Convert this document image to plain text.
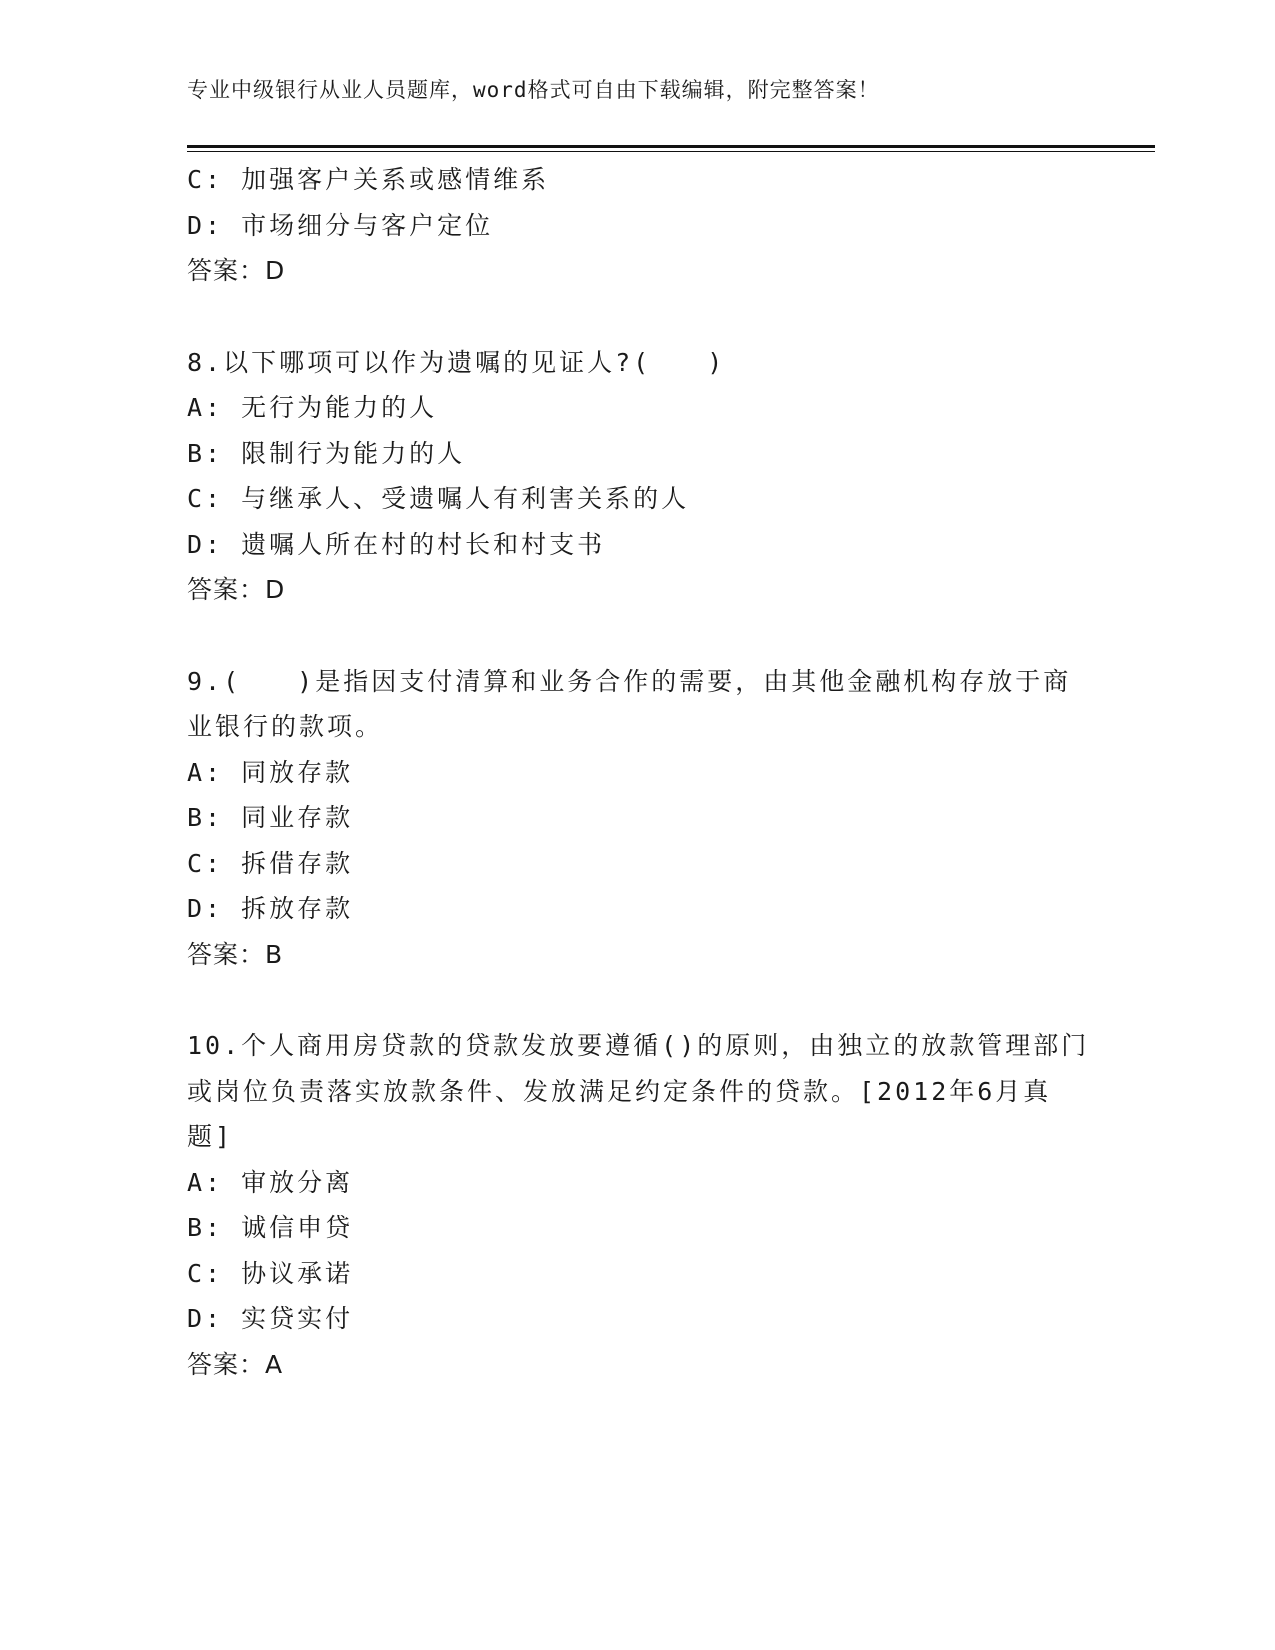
专业中级银行从业人员题库，word格式可自由下载编辑，附完整答案！
C: 加强客户关系或感情维系
D: 市场细分与客户定位
答案：D
8.以下哪项可以作为遗嘱的见证人?(　　)
A: 无行为能力的人
B: 限制行为能力的人
C: 与继承人、受遗嘱人有利害关系的人
D: 遗嘱人所在村的村长和村支书
答案：D
9.(　　)是指因支付清算和业务合作的需要，由其他金融机构存放于商业银行的款项。
A: 同放存款
B: 同业存款
C: 拆借存款
D: 拆放存款
答案：B
10.个人商用房贷款的贷款发放要遵循()的原则，由独立的放款管理部门或岗位负责落实放款条件、发放满足约定条件的贷款。[2012年6月真题]
A: 审放分离
B: 诚信申贷
C: 协议承诺
D: 实贷实付
答案：A
